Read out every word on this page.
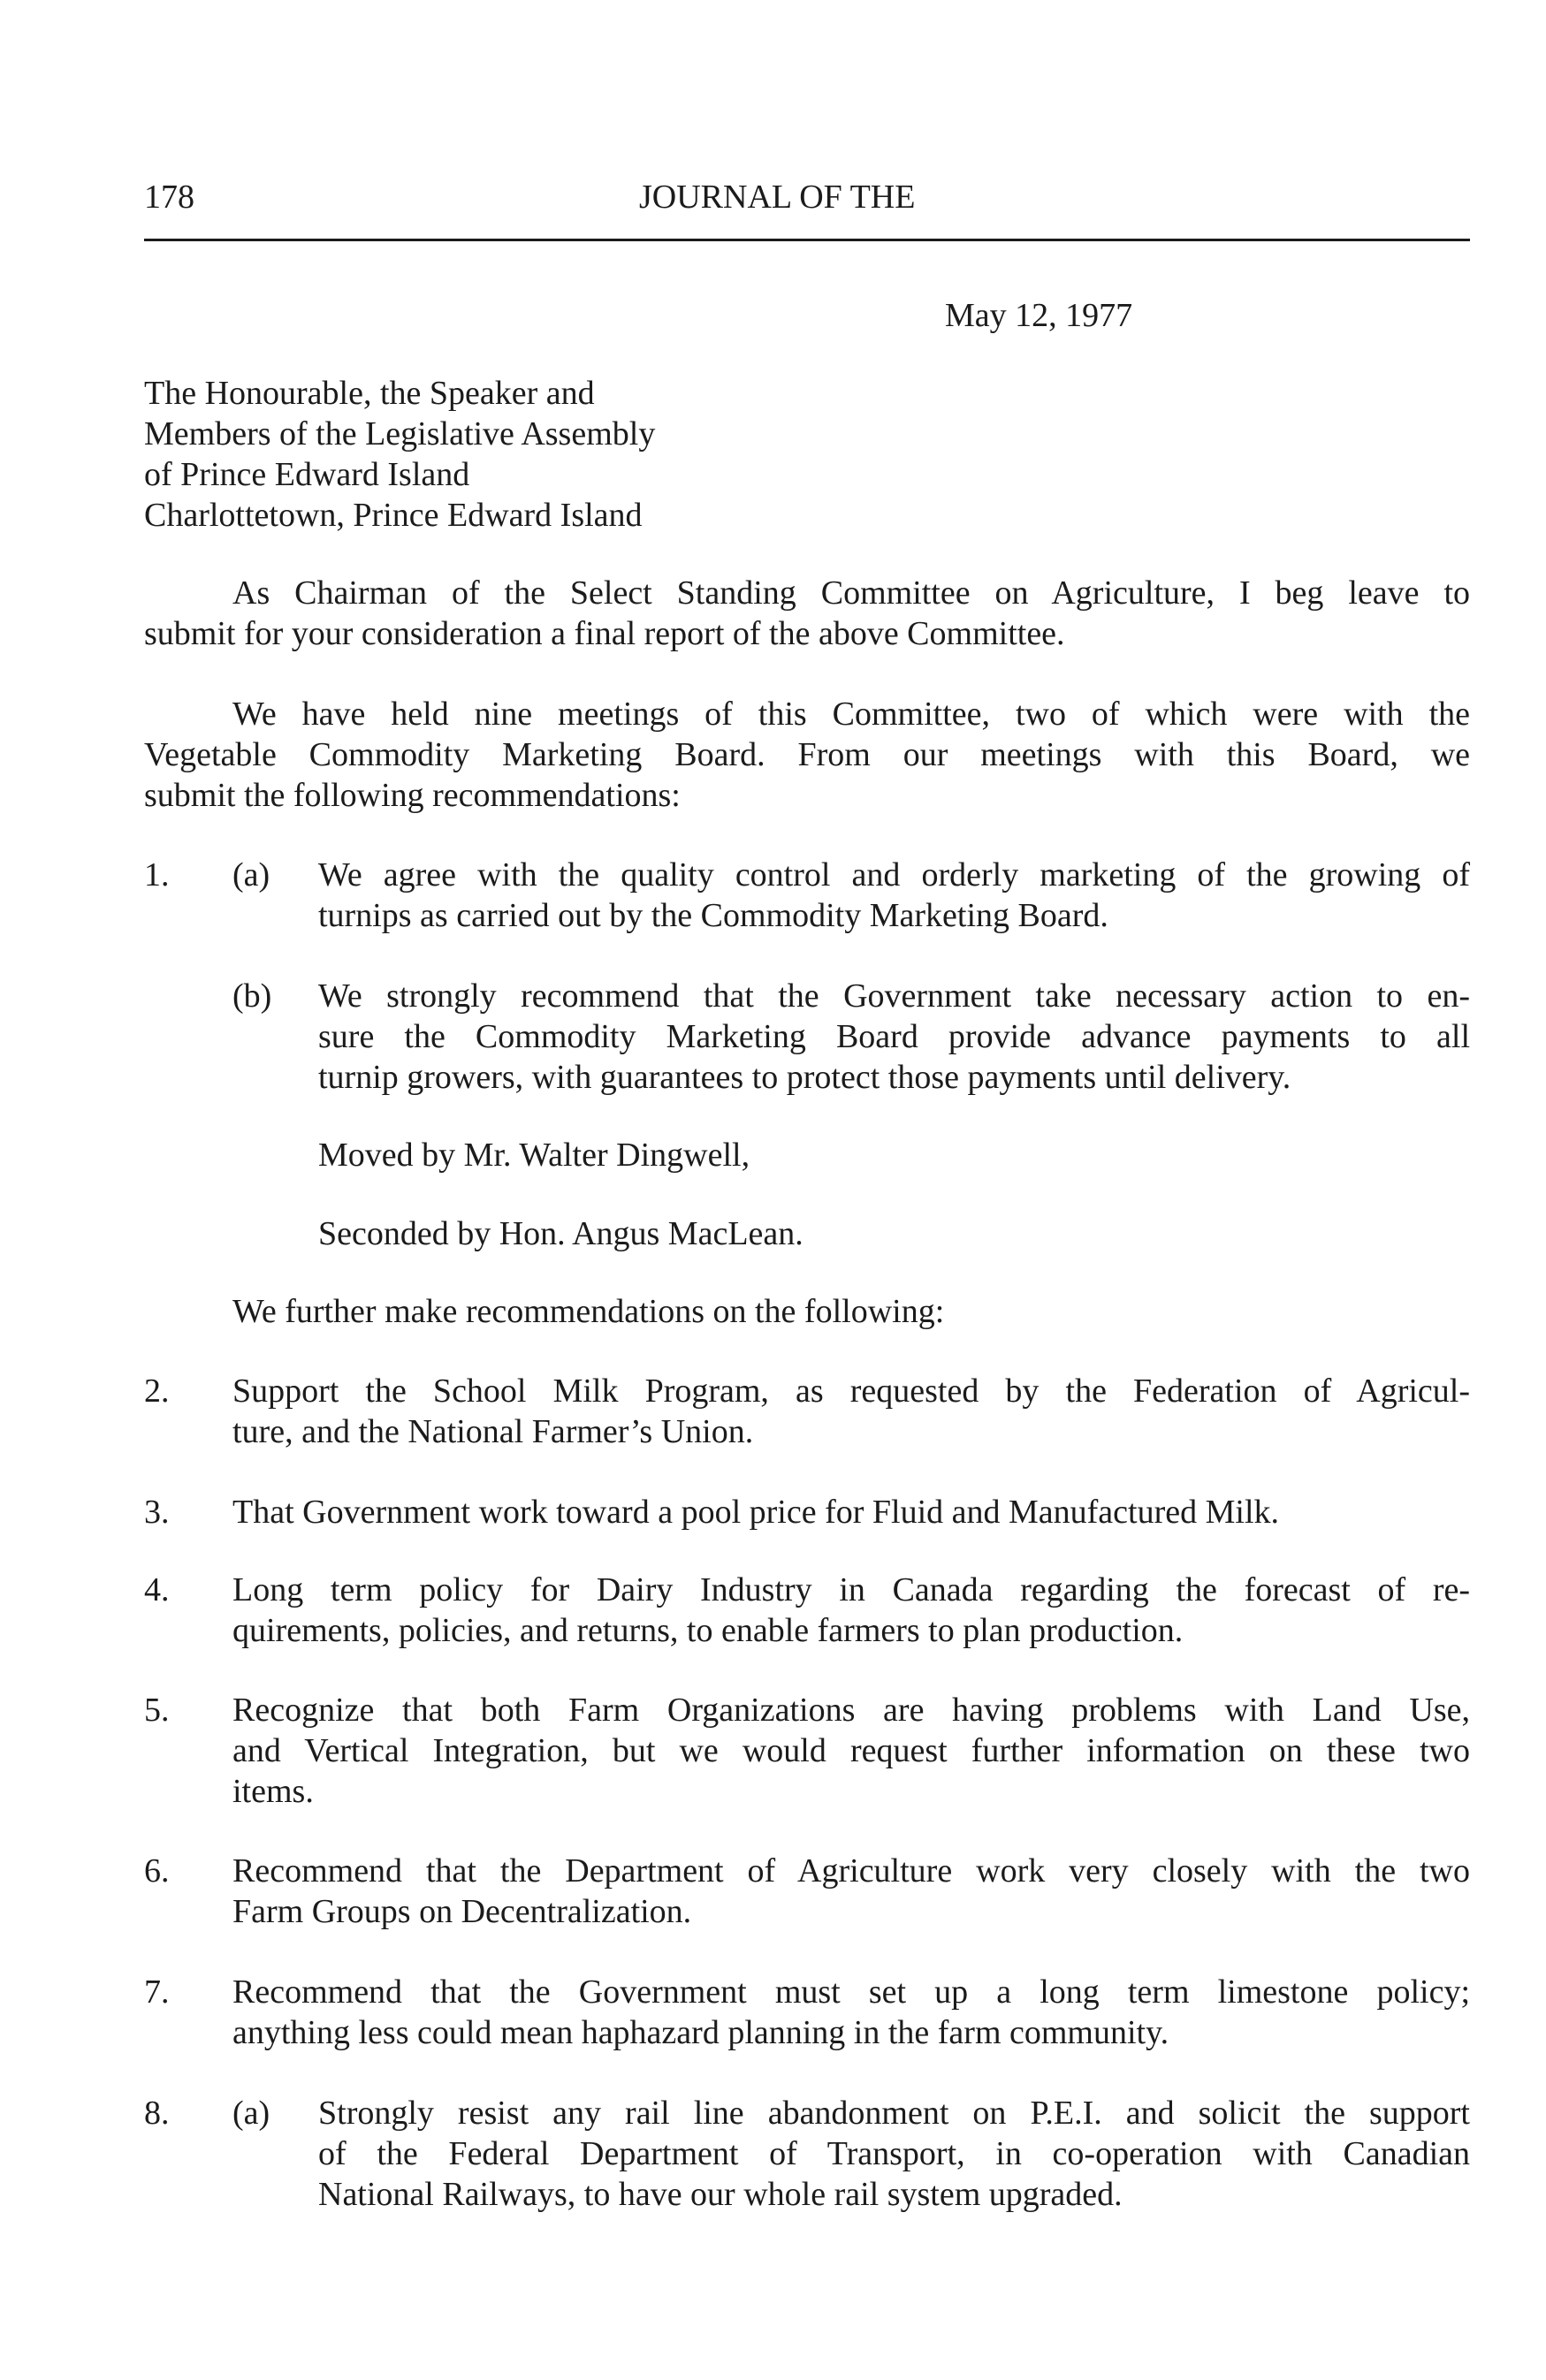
178	JOURNAL OF THE
May 12, 1977
The Honourable, the Speaker and
Members of the Legislative Assembly
of Prince Edward Island
Charlottetown, Prince Edward Island
As Chairman of the Select Standing Committee on Agriculture, I beg leave to
submit for your consideration a final report of the above Committee.
We have held nine meetings of this Committee, two of which were with the
Vegetable Commodity Marketing Board. From our meetings with this Board, we
submit the following recommendations:
1. (a) We agree with the quality control and orderly marketing of the growing of
turnips as carried out by the Commodity Marketing Board.
(b) We strongly recommend that the Government take necessary action to en-
sure the Commodity Marketing Board provide advance payments to all
turnip growers, with guarantees to protect those payments until delivery.
Moved by Mr. Walter Dingwell,
Seconded by Hon. Angus MacLean.
We further make recommendations on the following:
2. Support the School Milk Program, as requested by the Federation of Agricul-
ture, and the National Farmer’s Union.
3. That Government work toward a pool price for Fluid and Manufactured Milk.
4. Long term policy for Dairy Industry in Canada regarding the forecast of re-
quirements, policies, and returns, to enable farmers to plan production.
5. Recognize that both Farm Organizations are having problems with Land Use,
and Vertical Integration, but we would request further information on these two
items.
6. Recommend that the Department of Agriculture work very closely with the two
Farm Groups on Decentralization.
7. Recommend that the Government must set up a long term limestone policy;
anything less could mean haphazard planning in the farm community.
8. (a) Strongly resist any rail line abandonment on P.E.I. and solicit the support
of the Federal Department of Transport, in co-operation with Canadian
National Railways, to have our whole rail system upgraded.
